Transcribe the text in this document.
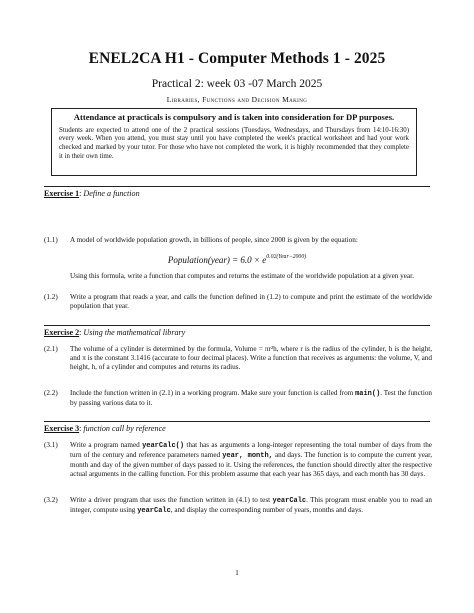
ENEL2CA H1 - Computer Methods 1 - 2025
Practical 2: week 03 -07 March 2025
Libraries, Functions and Decision Making
Attendance at practicals is compulsory and is taken into consideration for DP purposes.
Students are expected to attend one of the 2 practical sessions (Tuesdays, Wednesdays, and Thursdays from 14:10-16:30) every week. When you attend, you must stay until you have completed the week's practical worksheet and had your work checked and marked by your tutor. For those who have not completed the work, it is highly recommended that they complete it in their own time.
Exercise 1: Define a function
(1.1) A model of worldwide population growth, in billions of people, since 2000 is given by the equation:
Population(year) = $6.0 \times e^{0.02(Year-2000)}$
Using this formula, write a function that computes and returns the estimate of the worldwide population at a given year.
(1.2) Write a program that reads a year, and calls the function defined in (1.2) to compute and print the estimate of the worldwide population that year.
Exercise 2: Using the mathematical library
(2.1) The volume of a cylinder is determined by the formula, Volume = πr²h, where r is the radius of the cylinder, h is the height, and π is the constant 3.1416 (accurate to four decimal places). Write a function that receives as arguments: the volume, V, and height, h, of a cylinder and computes and returns its radius.
(2.2) Include the function written in (2.1) in a working program. Make sure your function is called from main(). Test the function by passing various data to it.
Exercise 3: function call by reference
(3.1) Write a program named yearCalc() that has as arguments a long-integer representing the total number of days from the turn of the century and reference parameters named year, month, and days. The function is to compute the current year, month and day of the given number of days passed to it. Using the references, the function should directly alter the respective actual arguments in the calling function. For this problem assume that each year has 365 days, and each month has 30 days.
(3.2) Write a driver program that uses the function written in (4.1) to test yearCalc. This program must enable you to read an integer, compute using yearCalc, and display the corresponding number of years, months and days.
1
